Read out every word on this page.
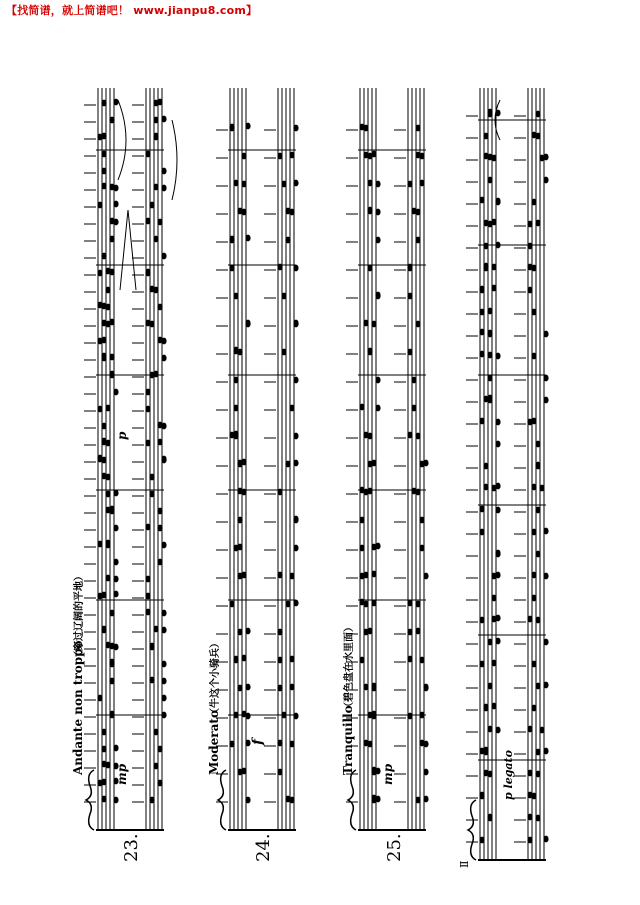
【找简谱，就上简谱吧！ www.jianpu8.com】
23.	24.	25.
Ⅱ
Andante non troppo
（穿过辽阔的平地）
Moderato
（牛这个小骑兵）
Tranquillo
（碧色盘在水里面）
mp
p
f
mp	p legato
